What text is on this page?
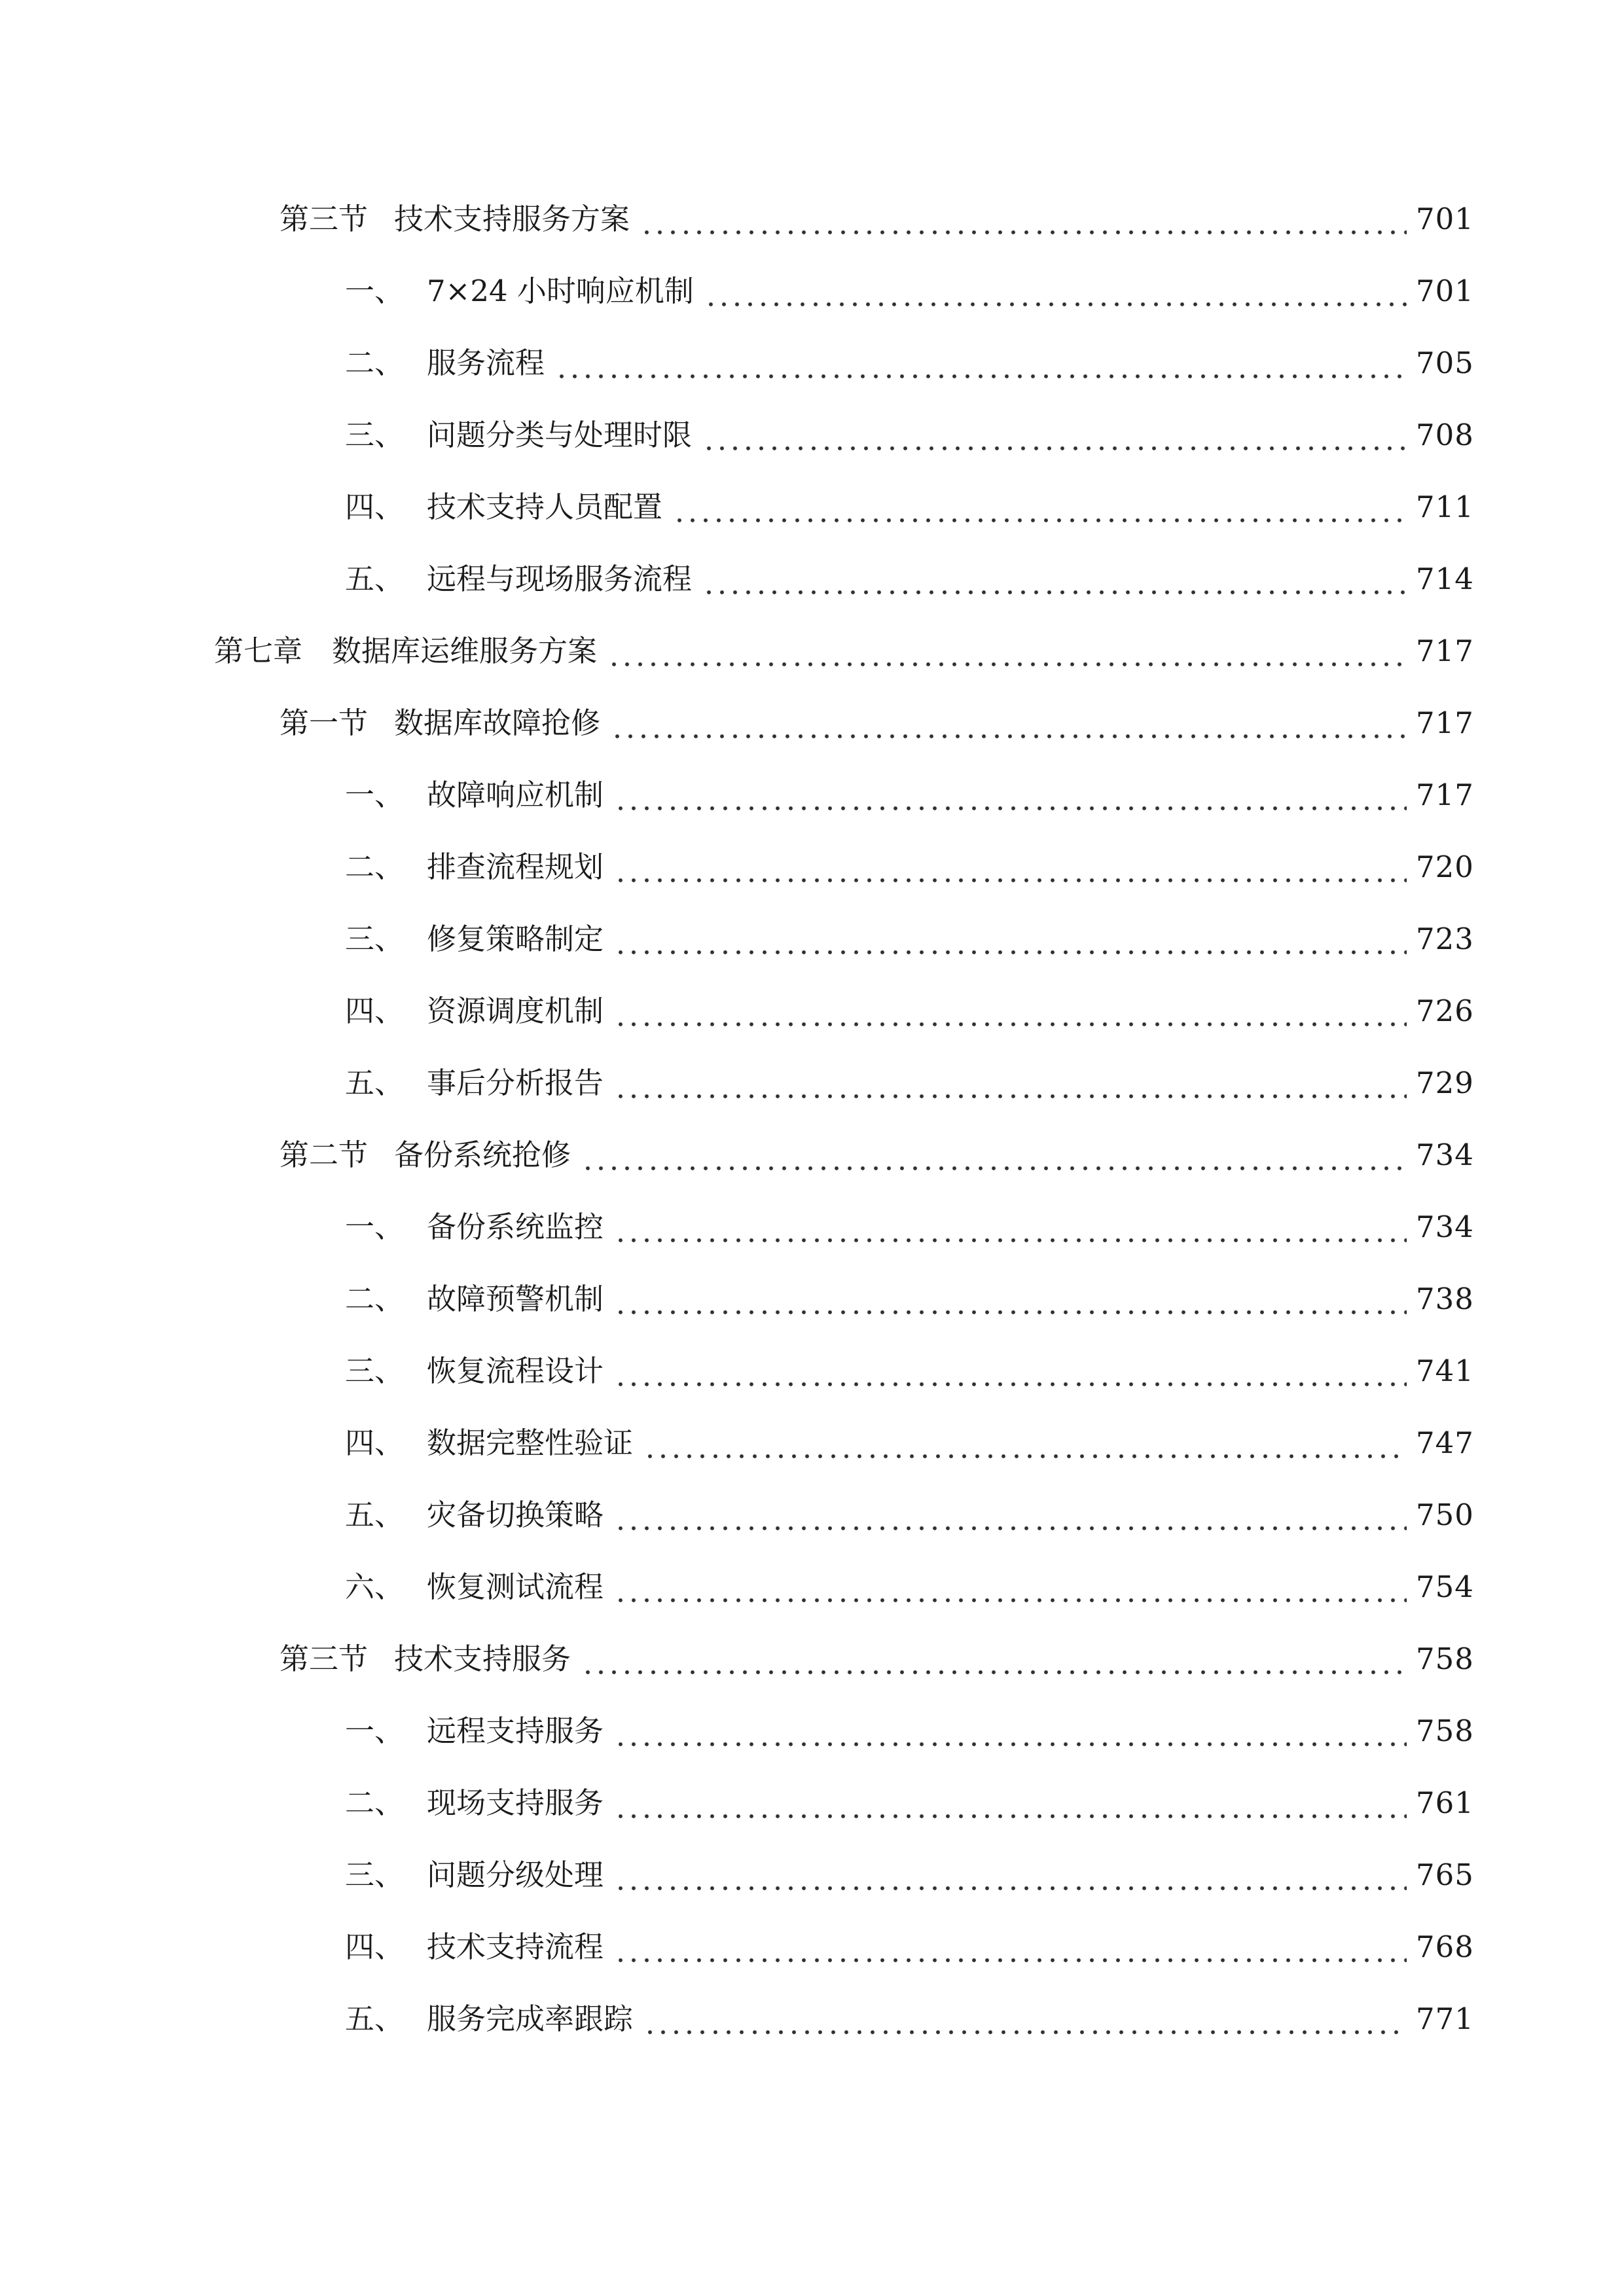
第三节 技术支持服务方案	701
一、 7×24 小时响应机制	701
二、 服务流程	705
三、 问题分类与处理时限	708
四、 技术支持人员配置	711
五、 远程与现场服务流程	714
第七章 数据库运维服务方案	717
第一节 数据库故障抢修	717
一、 故障响应机制	717
二、 排查流程规划	720
三、 修复策略制定	723
四、 资源调度机制	726
五、 事后分析报告	729
第二节 备份系统抢修	734
一、 备份系统监控	734
二、 故障预警机制	738
三、 恢复流程设计	741
四、 数据完整性验证	747
五、 灾备切换策略	750
六、 恢复测试流程	754
第三节 技术支持服务	758
一、 远程支持服务	758
二、 现场支持服务	761
三、 问题分级处理	765
四、 技术支持流程	768
五、 服务完成率跟踪	771
